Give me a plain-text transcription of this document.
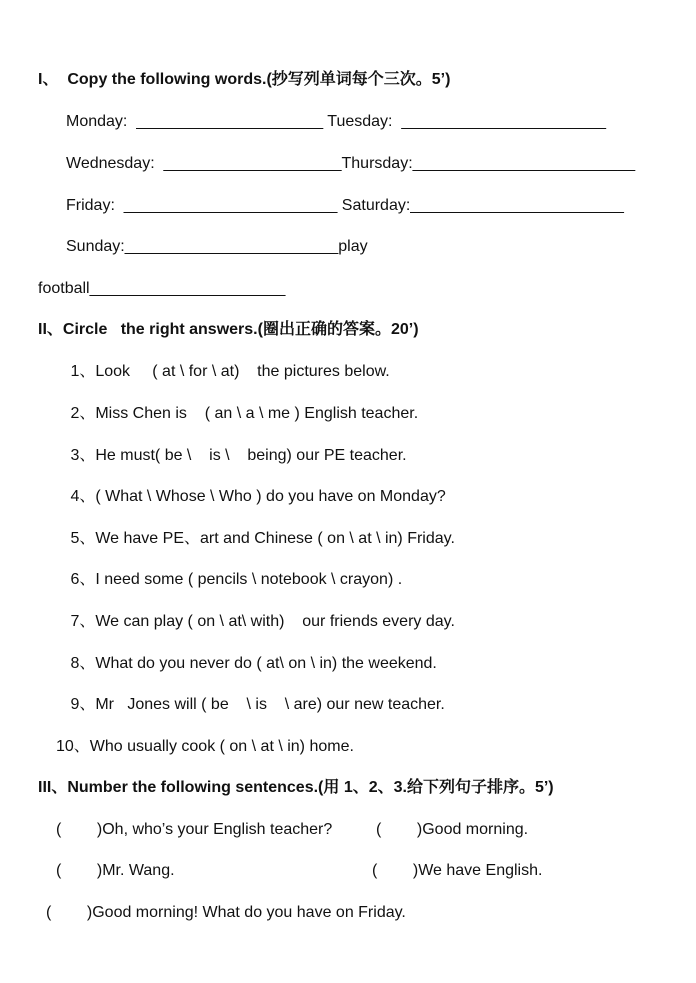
I、  Copy the following words.(抄写列单词每个三次。5’)
Monday:  _____________________ Tuesday:  _______________________
Wednesday:  ____________________Thursday:_________________________
Friday:  ________________________ Saturday:________________________
Sunday:________________________play
football______________________
II、Circle   the right answers.(圈出正确的答案。20’)
1、Look     ( at \ for \ at)    the pictures below.
2、Miss Chen is    ( an \ a \ me ) English teacher.
3、He must( be \    is \    being) our PE teacher.
4、( What \ Whose \ Who ) do you have on Monday?
5、We have PE、art and Chinese ( on \ at \ in) Friday.
6、I need some ( pencils \ notebook \ crayon) .
7、We can play ( on \ at\ with)    our friends every day.
8、What do you never do ( at\ on \ in) the weekend.
9、Mr   Jones will ( be    \ is    \ are) our new teacher.
10、Who usually cook ( on \ at \ in) home.
III、Number the following sentences.(用 1、2、3.给下列句子排序。5’)
(        )Oh, who’s your English teacher?	(        )Good morning.
(        )Mr. Wang.	(        )We have English.
(        )Good morning! What do you have on Friday.
